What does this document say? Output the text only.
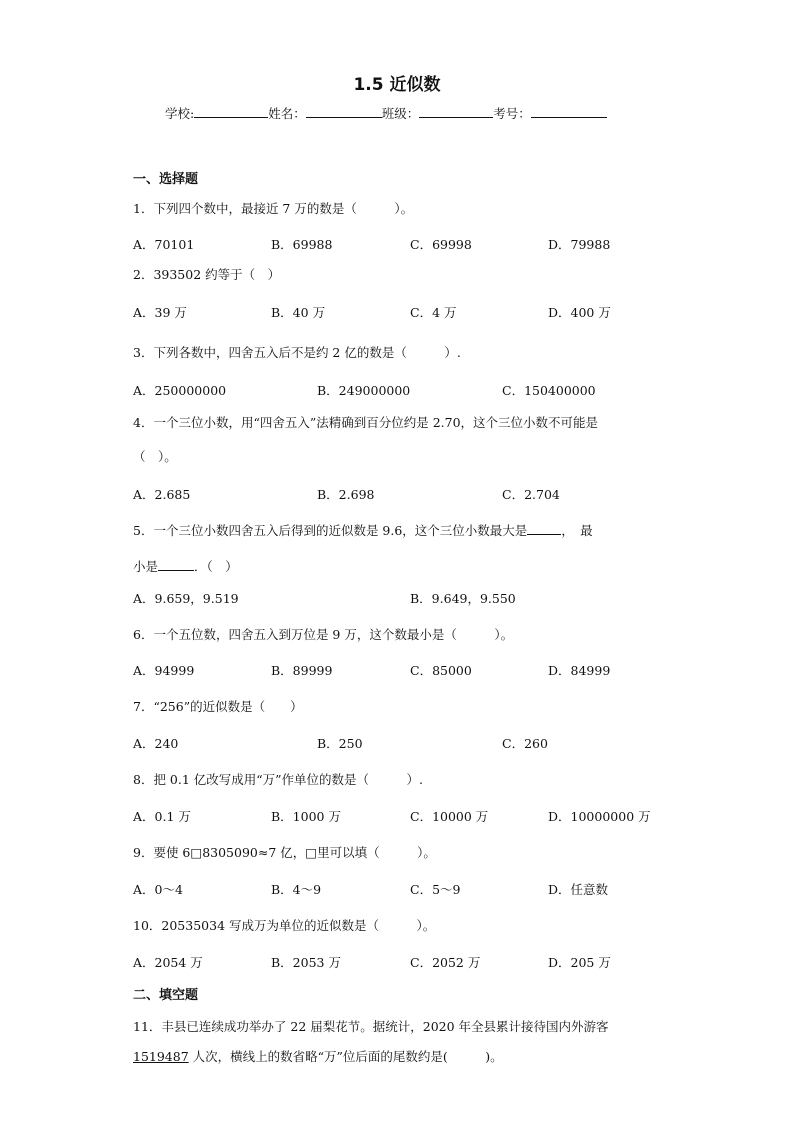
1.5 近似数
学校:	姓名：	班级：	考号：
一、选择题
1．下列四个数中，最接近 7 万的数是（　　　）。
A．70101	B．69988	C．69998	D．79988
2．393502 约等于（　）
A．39 万	B．40 万	C．4 万	D．400 万
3．下列各数中，四舍五入后不是约 2 亿的数是（　　　）.
A．250000000	B．249000000	C．150400000
4．一个三位小数，用“四舍五入”法精确到百分位约是 2.70，这个三位小数不可能是
（　）。
A．2.685	B．2.698	C．2.704
5．一个三位小数四舍五入后得到的近似数是 9.6，这个三位小数最大是	，　最
小是	．（　）
A．9.659，9.519	B．9.649，9.550
6．一个五位数，四舍五入到万位是 9 万，这个数最小是（　　　）。
A．94999	B．89999	C．85000	D．84999
7．“256”的近似数是（　　）
A．240	B．250	C．260
8．把 0.1 亿改写成用“万”作单位的数是（　　　）.
A．0.1 万	B．1000 万	C．10000 万	D．10000000 万
9．要使 6□8305090≈7 亿，□里可以填（　　　）。
A．0～4	B．4～9	C．5～9	D．任意数
10．20535034 写成万为单位的近似数是（　　　）。
A．2054 万	B．2053 万	C．2052 万	D．205 万
二、填空题
11．丰县已连续成功举办了 22 届梨花节。据统计，2020 年全县累计接待国内外游客
1519487 人次，横线上的数省略“万”位后面的尾数约是(　　　)。
